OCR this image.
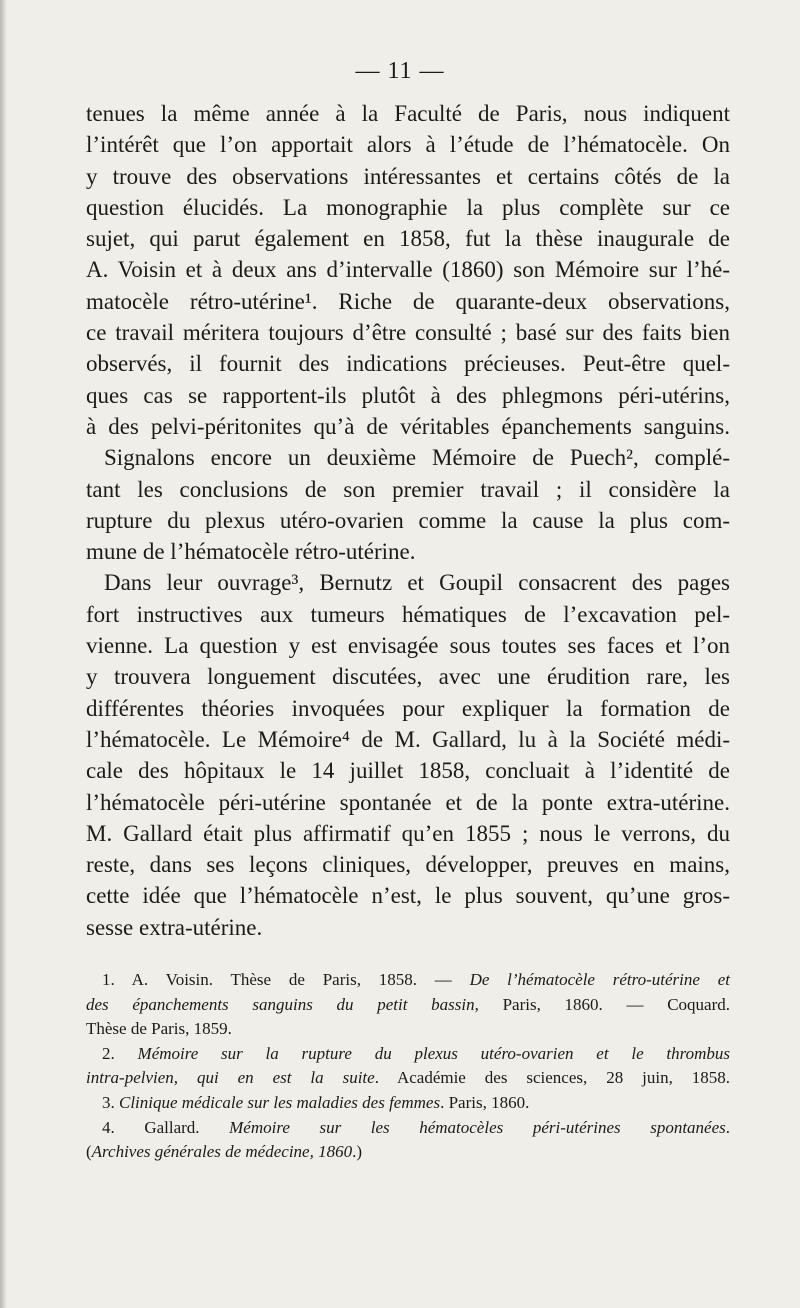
— 11 —
tenues la même année à la Faculté de Paris, nous indiquent
l’intérêt que l’on apportait alors à l’étude de l’hématocèle. On
y trouve des observations intéressantes et certains côtés de la
question élucidés. La monographie la plus complète sur ce
sujet, qui parut également en 1858, fut la thèse inaugurale de
A. Voisin et à deux ans d’intervalle (1860) son Mémoire sur l’hé-
matocèle rétro-utérine¹. Riche de quarante-deux observations,
ce travail méritera toujours d’être consulté ; basé sur des faits bien
observés, il fournit des indications précieuses. Peut-être quel-
ques cas se rapportent-ils plutôt à des phlegmons péri-utérins,
à des pelvi-péritonites qu’à de véritables épanchements sanguins.
Signalons encore un deuxième Mémoire de Puech², complé-
tant les conclusions de son premier travail ; il considère la
rupture du plexus utéro-ovarien comme la cause la plus com-
mune de l’hématocèle rétro-utérine.
Dans leur ouvrage³, Bernutz et Goupil consacrent des pages
fort instructives aux tumeurs hématiques de l’excavation pel-
vienne. La question y est envisagée sous toutes ses faces et l’on
y trouvera longuement discutées, avec une érudition rare, les
différentes théories invoquées pour expliquer la formation de
l’hématocèle. Le Mémoire⁴ de M. Gallard, lu à la Société médi-
cale des hôpitaux le 14 juillet 1858, concluait à l’identité de
l’hématocèle péri-utérine spontanée et de la ponte extra-utérine.
M. Gallard était plus affirmatif qu’en 1855 ; nous le verrons, du
reste, dans ses leçons cliniques, développer, preuves en mains,
cette idée que l’hématocèle n’est, le plus souvent, qu’une gros-
sesse extra-utérine.
1. A. Voisin. Thèse de Paris, 1858. — De l’hématocèle rétro-utérine et
des épanchements sanguins du petit bassin, Paris, 1860. — Coquard.
Thèse de Paris, 1859.
2. Mémoire sur la rupture du plexus utéro-ovarien et le thrombus
intra-pelvien, qui en est la suite. Académie des sciences, 28 juin, 1858.
3. Clinique médicale sur les maladies des femmes. Paris, 1860.
4. Gallard. Mémoire sur les hématocèles péri-utérines spontanées.
(Archives générales de médecine, 1860.)
